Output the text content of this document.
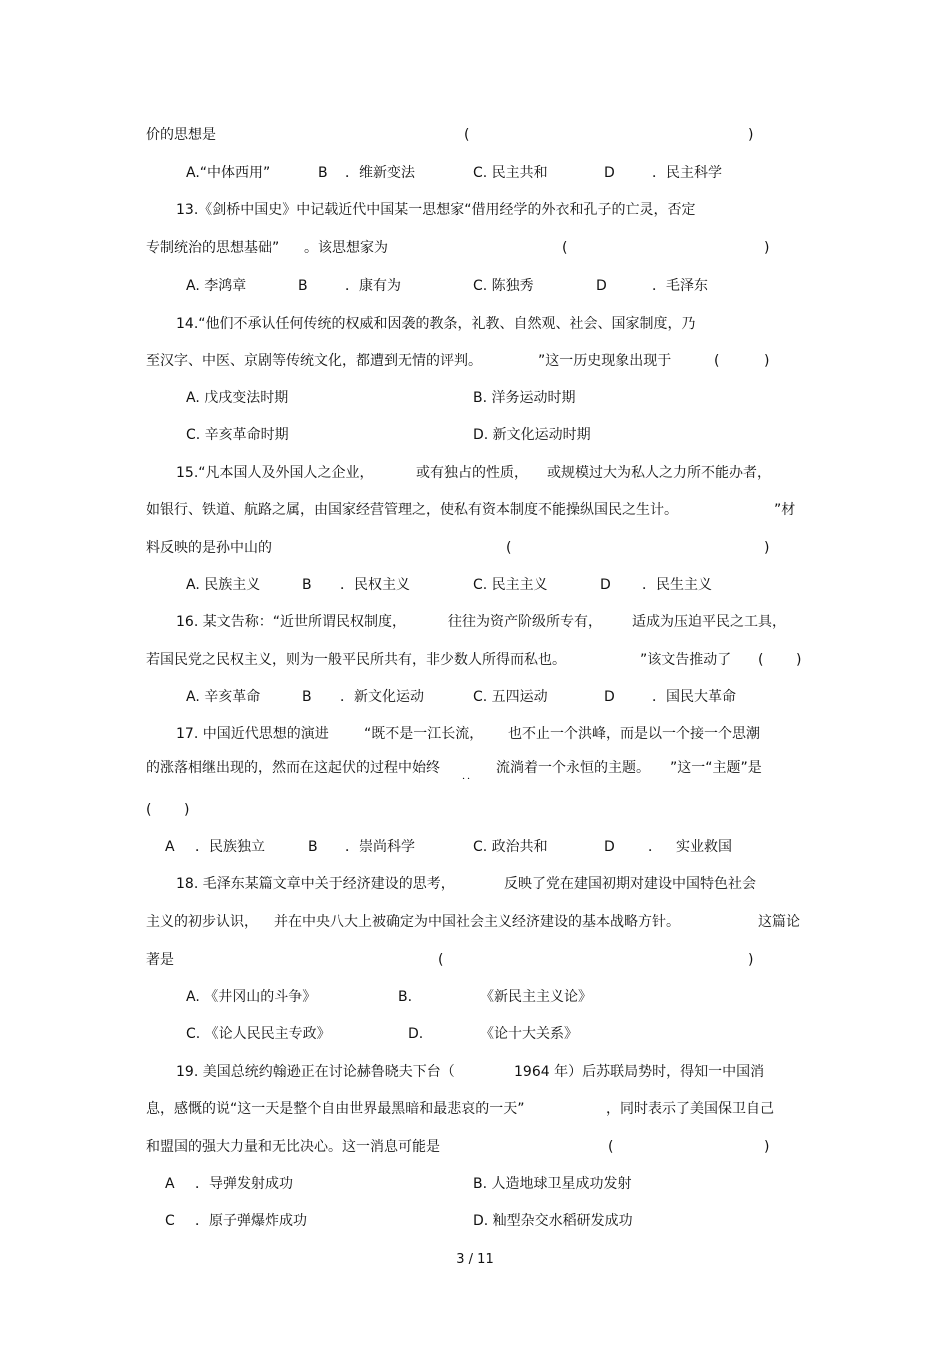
价的思想是	(	)
A.“中体西用”	B ．维新变法	C. 民主共和	D	．民主科学
13.《剑桥中国史》中记载近代中国某一思想家“借用经学的外衣和孔子的亡灵，否定
专制统治的思想基础” 。该思想家为	(	)
A. 李鸿章	B	．康有为	C. 陈独秀	D	．毛泽东
14.“他们不承认任何传统的权威和因袭的教条，礼教、自然观、社会、国家制度，乃
至汉字、中医、京剧等传统文化，都遭到无情的评判。	”这一历史现象出现于	(	)
A. 戊戌变法时期	B. 洋务运动时期
C. 辛亥革命时期	D. 新文化运动时期
15.“凡本国人及外国人之企业，	或有独占的性质， 或规模过大为私人之力所不能办者，
如银行、铁道、航路之属，由国家经营管理之，使私有资本制度不能操纵国民之生计。	”材
料反映的是孙中山的	(	)
A. 民族主义	B ．民权主义	C. 民主主义	D ．民生主义
16. 某文告称：“近世所谓民权制度，	往往为资产阶级所专有， 适成为压迫平民之工具，
若国民党之民权主义，则为一般平民所共有，非少数人所得而私也。	”该文告推动了 ( )
A. 辛亥革命	B ．新文化运动	C. 五四运动	D	．国民大革命
17. 中国近代思想的演进	“既不是一江长流， 也不止一个洪峰，而是以一个接一个思潮
的涨落相继出现的，然而在这起伏的过程中始终
．．
流淌着一个永恒的主题。 ”这一“主题”是
( )
A ．民族独立	B ．崇尚科学	C. 政治共和	D ． 实业救国
18. 毛泽东某篇文章中关于经济建设的思考，	反映了党在建国初期对建设中国特色社会
主义的初步认识， 并在中央八大上被确定为中国社会主义经济建设的基本战略方针。	这篇论
著是	(	)
A. 《井冈山的斗争》	B.	《新民主主义论》
C. 《论人民民主专政》	D.	《论十大关系》
19. 美国总统约翰逊正在讨论赫鲁晓夫下台（	1964 年）后苏联局势时，得知一中国消
息，感慨的说“这一天是整个自由世界最黑暗和最悲哀的一天”	，同时表示了美国保卫自己
和盟国的强大力量和无比决心。这一消息可能是	(	)
A ．导弹发射成功	B. 人造地球卫星成功发射
C ．原子弹爆炸成功	D. 籼型杂交水稻研发成功
3 / 11
